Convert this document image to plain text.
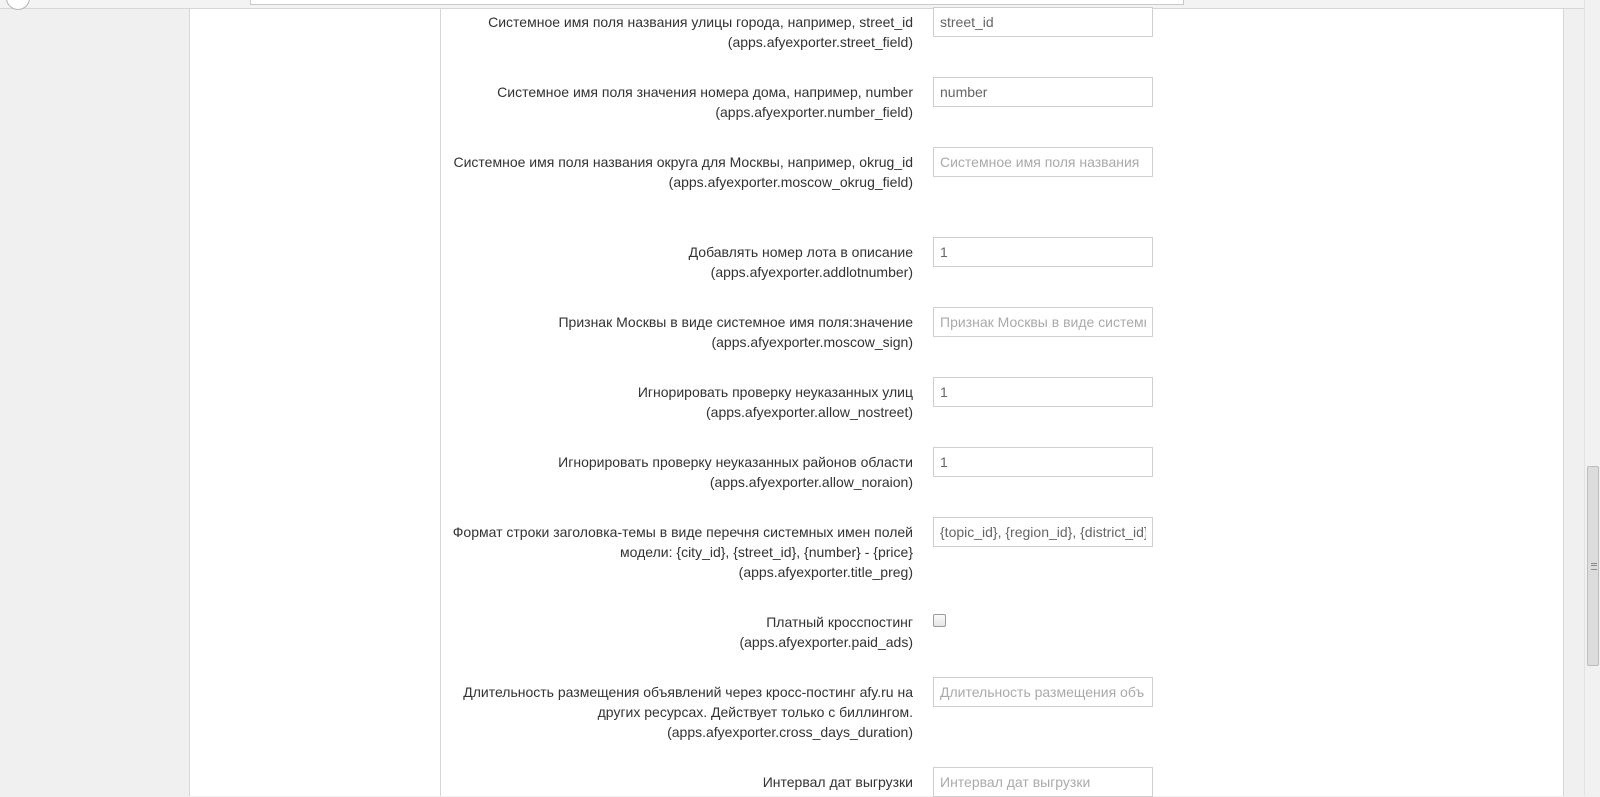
Системное имя поля названия улицы города, например, street_id
(apps.afyexporter.street_field)
street_id
Системное имя поля значения номера дома, например, number
(apps.afyexporter.number_field)
number
Системное имя поля названия округа для Москвы, например, okrug_id
(apps.afyexporter.moscow_okrug_field)
Системное имя поля названия
Добавлять номер лота в описание
(apps.afyexporter.addlotnumber)
1
Признак Москвы в виде системное имя поля:значение
(apps.afyexporter.moscow_sign)
Признак Москвы в виде системн
Игнорировать проверку неуказанных улиц
(apps.afyexporter.allow_nostreet)
1
Игнорировать проверку неуказанных районов области
(apps.afyexporter.allow_noraion)
1
Формат строки заголовка-темы в виде перечня системных имен полей модели: {city_id}, {street_id}, {number} - {price}
(apps.afyexporter.title_preg)
{topic_id}, {region_id}, {district_id}
Платный кросспостинг
(apps.afyexporter.paid_ads)
Длительность размещения объявлений через кросс-постинг afy.ru на других ресурсах. Действует только с биллингом.
(apps.afyexporter.cross_days_duration)
Длительность размещения объ
Интервал дат выгрузки
Интервал дат выгрузки
